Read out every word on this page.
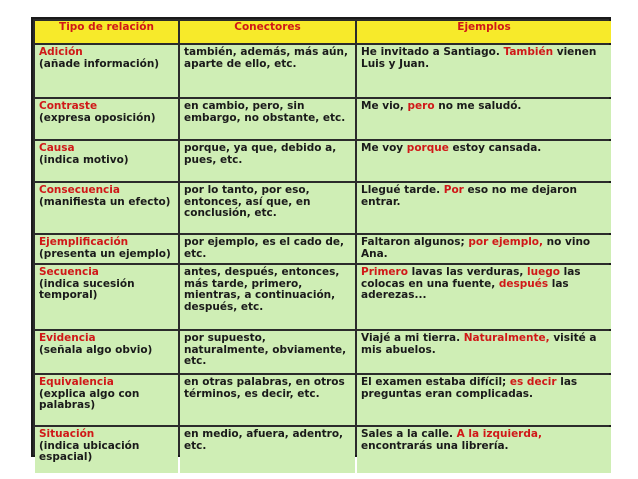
Tipo de relación	Conectores	Ejemplos

Adición
(añade información)	también, además, más aún, aparte de ello, etc.	He invitado a Santiago. También vienen Luis y Juan.

Contraste
(expresa oposición)	en cambio, pero, sin embargo, no obstante, etc.	Me vio, pero no me saludó.

Causa
(indica motivo)	porque, ya que, debido a, pues, etc.	Me voy porque estoy cansada.

Consecuencia
(manifiesta un efecto)	por lo tanto, por eso, entonces, así que, en conclusión, etc.	Llegué tarde. Por eso no me dejaron entrar.

Ejemplificación
(presenta un ejemplo)	por ejemplo, es el cado de, etc.	Faltaron algunos; por ejemplo, no vino Ana.

Secuencia
(indica sucesión temporal)	antes, después, entonces, más tarde, primero, mientras, a continuación, después, etc.	Primero lavas las verduras, luego las colocas en una fuente, después las aderezas...

Evidencia
(señala algo obvio)	por supuesto, naturalmente, obviamente, etc.	Viajé a mi tierra. Naturalmente, visité a mis abuelos.

Equivalencia
(explica algo con palabras)	en otras palabras, en otros términos, es decir, etc.	El examen estaba difícil; es decir las preguntas eran complicadas.

Situación
(indica ubicación espacial)	en medio, afuera, adentro, etc.	Sales a la calle. A la izquierda, encontrarás una librería.
